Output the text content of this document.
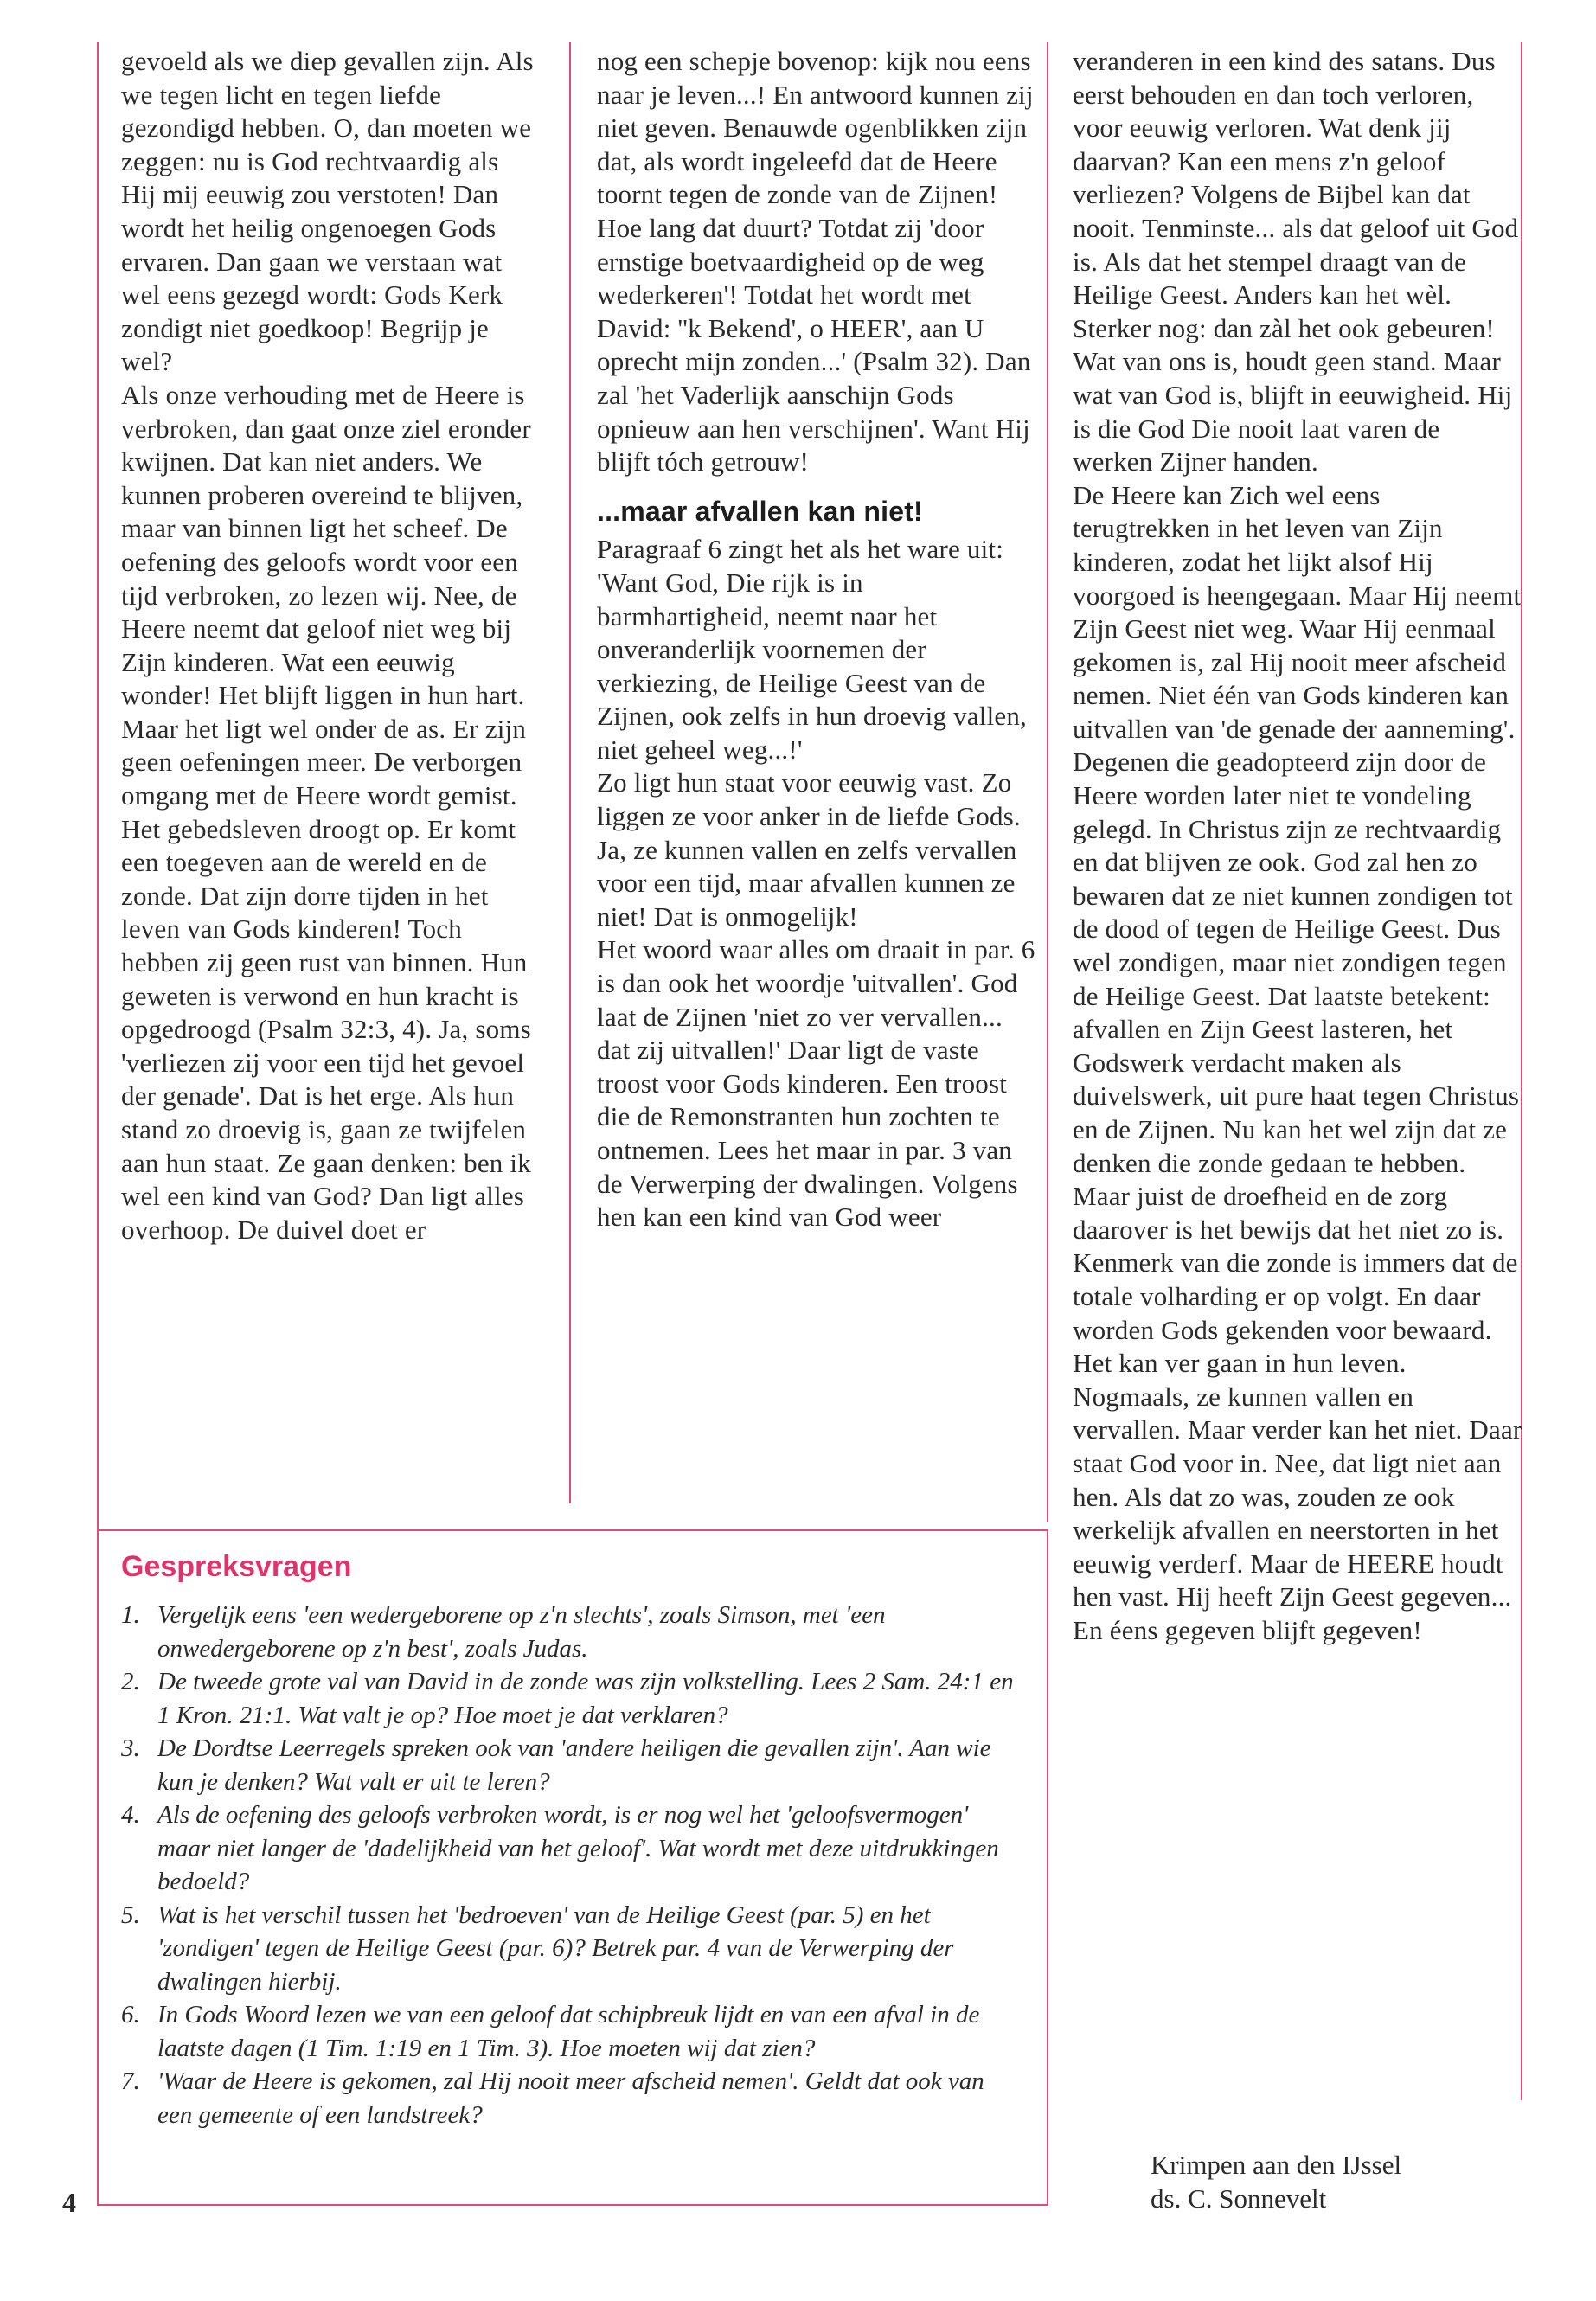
gevoeld als we diep gevallen zijn. Als we tegen licht en tegen liefde gezondigd hebben. O, dan moeten we zeggen: nu is God rechtvaardig als Hij mij eeuwig zou verstoten! Dan wordt het heilig ongenoegen Gods ervaren. Dan gaan we verstaan wat wel eens gezegd wordt: Gods Kerk zondigt niet goedkoop! Begrijp je wel?

Als onze verhouding met de Heere is verbroken, dan gaat onze ziel eronder kwijnen. Dat kan niet anders. We kunnen proberen overeind te blijven, maar van binnen ligt het scheef. De oefening des geloofs wordt voor een tijd verbroken, zo lezen wij. Nee, de Heere neemt dat geloof niet weg bij Zijn kinderen. Wat een eeuwig wonder! Het blijft liggen in hun hart. Maar het ligt wel onder de as. Er zijn geen oefeningen meer. De verborgen omgang met de Heere wordt gemist.

Het gebedsleven droogt op. Er komt een toegeven aan de wereld en de zonde. Dat zijn dorre tijden in het leven van Gods kinderen! Toch hebben zij geen rust van binnen. Hun geweten is verwond en hun kracht is opgedroogd (Psalm 32:3, 4). Ja, soms 'verliezen zij voor een tijd het gevoel der genade'. Dat is het erge. Als hun stand zo droevig is, gaan ze twijfelen aan hun staat. Ze gaan denken: ben ik wel een kind van God? Dan ligt alles overhoop. De duivel doet er

nog een schepje bovenop: kijk nou eens naar je leven...! En antwoord kunnen zij niet geven. Benauwde ogenblikken zijn dat, als wordt ingeleefd dat de Heere toornt tegen de zonde van de Zijnen! Hoe lang dat duurt? Totdat zij 'door ernstige boetvaardigheid op de weg wederkeren'! Totdat het wordt met David: ''k Bekend', o HEER', aan U oprecht mijn zonden...' (Psalm 32). Dan zal 'het Vaderlijk aanschijn Gods opnieuw aan hen verschijnen'. Want Hij blijft tóch getrouw!

...maar afvallen kan niet!

Paragraaf 6 zingt het als het ware uit: 'Want God, Die rijk is in barmhartigheid, neemt naar het onveranderlijk voornemen der verkiezing, de Heilige Geest van de Zijnen, ook zelfs in hun droevig vallen, niet geheel weg...!'

Zo ligt hun staat voor eeuwig vast. Zo liggen ze voor anker in de liefde Gods. Ja, ze kunnen vallen en zelfs vervallen voor een tijd, maar afvallen kunnen ze niet! Dat is onmogelijk!

Het woord waar alles om draait in par. 6 is dan ook het woordje 'uitvallen'. God laat de Zijnen 'niet zo ver vervallen... dat zij uitvallen!' Daar ligt de vaste troost voor Gods kinderen. Een troost die de Remonstranten hun zochten te ontnemen. Lees het maar in par. 3 van de Verwerping der dwalingen. Volgens hen kan een kind van God weer

veranderen in een kind des satans. Dus eerst behouden en dan toch verloren, voor eeuwig verloren. Wat denk jij daarvan? Kan een mens z'n geloof verliezen? Volgens de Bijbel kan dat nooit. Tenminste... als dat geloof uit God is. Als dat het stempel draagt van de Heilige Geest. Anders kan het wèl. Sterker nog: dan zàl het ook gebeuren! Wat van ons is, houdt geen stand. Maar wat van God is, blijft in eeuwigheid. Hij is die God Die nooit laat varen de werken Zijner handen.

De Heere kan Zich wel eens terugtrekken in het leven van Zijn kinderen, zodat het lijkt alsof Hij voorgoed is heengegaan. Maar Hij neemt Zijn Geest niet weg. Waar Hij eenmaal gekomen is, zal Hij nooit meer afscheid nemen. Niet één van Gods kinderen kan uitvallen van 'de genade der aanneming'. Degenen die geadopteerd zijn door de Heere worden later niet te vondeling gelegd. In Christus zijn ze rechtvaardig en dat blijven ze ook. God zal hen zo bewaren dat ze niet kunnen zondigen tot de dood of tegen de Heilige Geest. Dus wel zondigen, maar niet zondigen tegen de Heilige Geest. Dat laatste betekent: afvallen en Zijn Geest lasteren, het Godswerk verdacht maken als duivelswerk, uit pure haat tegen Christus en de Zijnen. Nu kan het wel zijn dat ze denken die zonde gedaan te hebben. Maar juist de droefheid en de zorg daarover is het bewijs dat het niet zo is. Kenmerk van die zonde is immers dat de totale volharding er op volgt. En daar worden Gods gekenden voor bewaard. Het kan ver gaan in hun leven. Nogmaals, ze kunnen vallen en vervallen. Maar verder kan het niet. Daar staat God voor in. Nee, dat ligt niet aan hen. Als dat zo was, zouden ze ook werkelijk afvallen en neerstorten in het eeuwig verderf. Maar de HEERE houdt hen vast. Hij heeft Zijn Geest gegeven... En éens gegeven blijft gegeven!

Gespreksvragen
1. Vergelijk eens 'een wedergeborene op z'n slechts', zoals Simson, met 'een onwedergeborene op z'n best', zoals Judas.
2. De tweede grote val van David in de zonde was zijn volkstelling. Lees 2 Sam. 24:1 en 1 Kron. 21:1. Wat valt je op? Hoe moet je dat verklaren?
3. De Dordtse Leerregels spreken ook van 'andere heiligen die gevallen zijn'. Aan wie kun je denken? Wat valt er uit te leren?
4. Als de oefening des geloofs verbroken wordt, is er nog wel het 'geloofsvermogen' maar niet langer de 'dadelijkheid van het geloof'. Wat wordt met deze uitdrukkingen bedoeld?
5. Wat is het verschil tussen het 'bedroeven' van de Heilige Geest (par. 5) en het 'zondigen' tegen de Heilige Geest (par. 6)? Betrek par. 4 van de Verwerping der dwalingen hierbij.
6. In Gods Woord lezen we van een geloof dat schipbreuk lijdt en van een afval in de laatste dagen (1 Tim. 1:19 en 1 Tim. 3). Hoe moeten wij dat zien?
7. 'Waar de Heere is gekomen, zal Hij nooit meer afscheid nemen'. Geldt dat ook van een gemeente of een landstreek?
4
Krimpen aan den IJssel
ds. C. Sonnevelt
